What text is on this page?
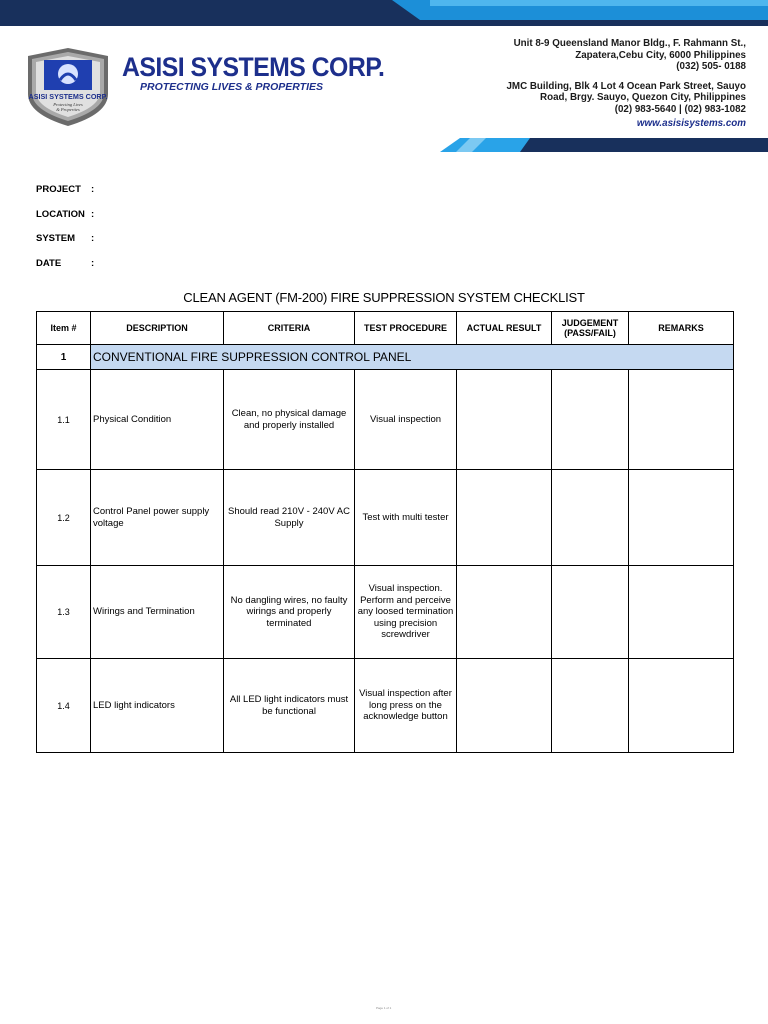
ASISI SYSTEMS CORP.
Protecting Lives
& Properties
ASISI SYSTEMS CORP.
PROTECTING LIVES & PROPERTIES
Unit 8-9 Queensland Manor Bldg., F. Rahmann St.,
Zapatera,Cebu City, 6000 Philippines
(032) 505- 0188
JMC Building, Blk 4 Lot 4 Ocean Park Street, Sauyo
Road, Brgy. Sauyo, Quezon City, Philippines
(02) 983-5640 | (02) 983-1082
www.asisisystems.com
PROJECT	:
LOCATION :
SYSTEM	:
DATE	:
CLEAN AGENT (FM-200) FIRE SUPPRESSION SYSTEM CHECKLIST
Item #	DESCRIPTION	CRITERIA	TEST PROCEDURE	ACTUAL RESULT	JUDGEMENT (PASS/FAIL)	REMARKS
1	CONVENTIONAL FIRE SUPPRESSION CONTROL PANEL					
1.1	Physical Condition	Clean, no physical damage and properly installed	Visual inspection			
1.2	Control Panel power supply voltage	Should read 210V - 240V AC Supply	Test with multi tester			
1.3	Wirings and Termination	No dangling wires, no faulty wirings and properly terminated	Visual inspection. Perform and perceive any loosed termination using precision screwdriver			
1.4	LED light indicators	All LED light indicators must be functional	Visual inspection after long press on the acknowledge button			
Page 1 of 1
